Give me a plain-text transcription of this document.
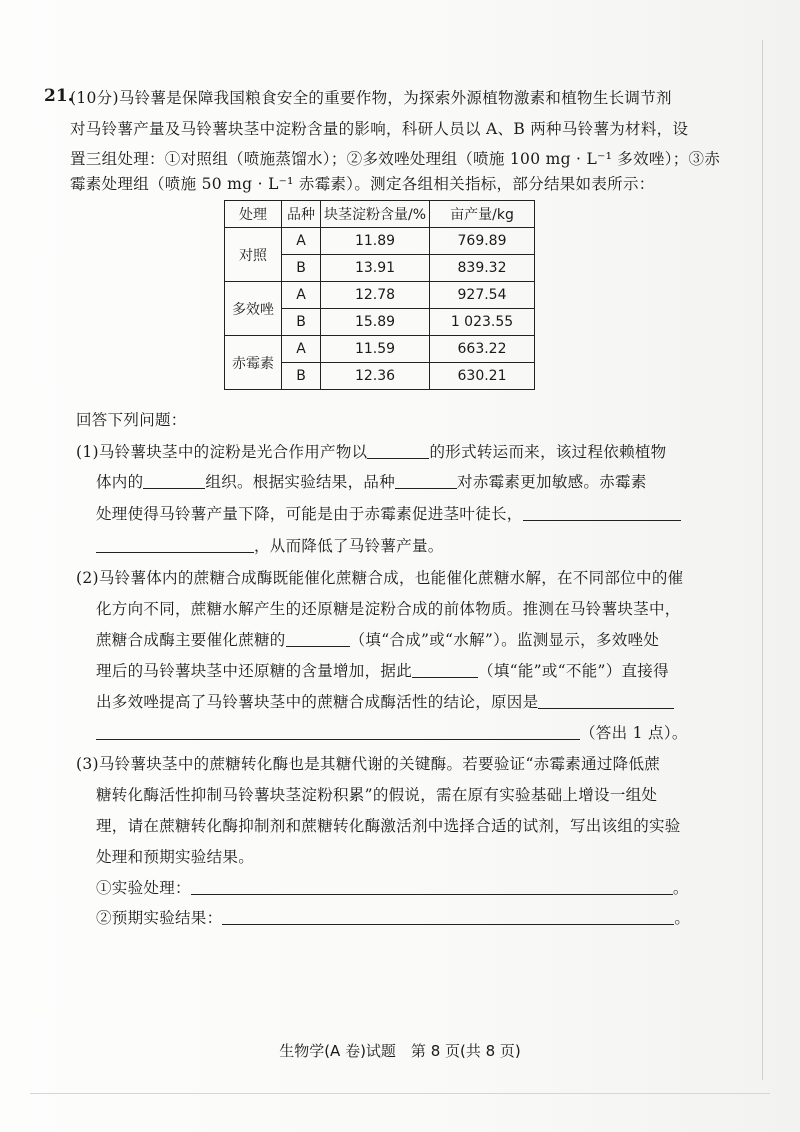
21.
(10分)马铃薯是保障我国粮食安全的重要作物，为探索外源植物激素和植物生长调节剂
对马铃薯产量及马铃薯块茎中淀粉含量的影响，科研人员以 A、B 两种马铃薯为材料，设
置三组处理：①对照组（喷施蒸馏水）；②多效唑处理组（喷施 100 mg · L⁻¹ 多效唑）；③赤
霉素处理组（喷施 50 mg · L⁻¹ 赤霉素）。测定各组相关指标，部分结果如表所示：
处理	品种	块茎淀粉含量/%	亩产量/kg
对照	A	11.89	769.89
	B	13.91	839.32
多效唑	A	12.78	927.54
	B	15.89	1 023.55
赤霉素	A	11.59	663.22
	B	12.36	630.21
回答下列问题：
(1)马铃薯块茎中的淀粉是光合作用产物以	的形式转运而来，该过程依赖植物
体内的	组织。根据实验结果，品种	对赤霉素更加敏感。赤霉素
处理使得马铃薯产量下降，可能是由于赤霉素促进茎叶徒长，
，从而降低了马铃薯产量。
(2)马铃薯体内的蔗糖合成酶既能催化蔗糖合成，也能催化蔗糖水解，在不同部位中的催
化方向不同，蔗糖水解产生的还原糖是淀粉合成的前体物质。推测在马铃薯块茎中，
蔗糖合成酶主要催化蔗糖的	（填“合成”或“水解”）。监测显示，多效唑处
理后的马铃薯块茎中还原糖的含量增加，据此	（填“能”或“不能”）直接得
出多效唑提高了马铃薯块茎中的蔗糖合成酶活性的结论，原因是
（答出 1 点）。
(3)马铃薯块茎中的蔗糖转化酶也是其糖代谢的关键酶。若要验证“赤霉素通过降低蔗
糖转化酶活性抑制马铃薯块茎淀粉积累”的假说，需在原有实验基础上增设一组处
理，请在蔗糖转化酶抑制剂和蔗糖转化酶激活剂中选择合适的试剂，写出该组的实验
处理和预期实验结果。
①实验处理：	。
②预期实验结果：	。
生物学(A 卷)试题　第 8 页(共 8 页)
